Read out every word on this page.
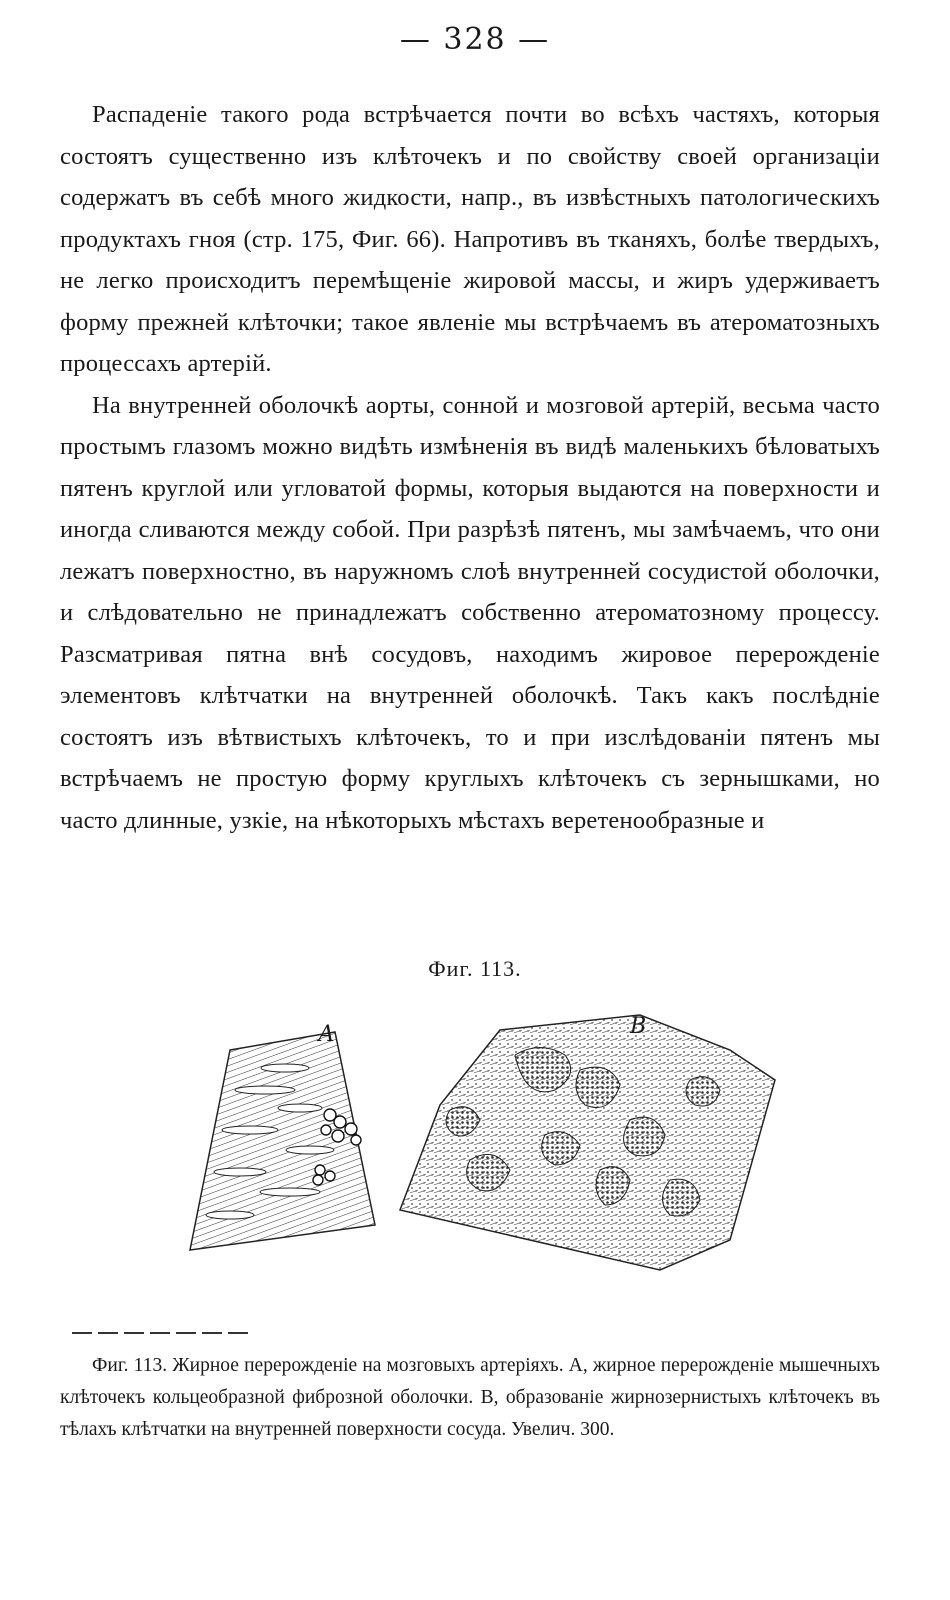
— 328 —

Распаденіе такого рода встрѣчается почти во всѣхъ частяхъ, которыя состоятъ существенно изъ клѣточекъ и по свойству своей организаціи содержатъ въ себѣ много жидкости, напр., въ извѣстныхъ патологическихъ продуктахъ гноя (стр. 175, Фиг. 66). Напротивъ въ тканяхъ, болѣе твердыхъ, не легко происходитъ перемѣщеніе жировой массы, и жиръ удерживаетъ форму прежней клѣточки; такое явленіе мы встрѣчаемъ въ атероматозныхъ процессахъ артерій.

На внутренней оболочкѣ аорты, сонной и мозговой артерій, весьма часто простымъ глазомъ можно видѣть измѣненія въ видѣ маленькихъ бѣловатыхъ пятенъ круглой или угловатой формы, которыя выдаются на поверхности и иногда сливаются между собой. При разрѣзѣ пятенъ, мы замѣчаемъ, что они лежатъ поверхностно, въ наружномъ слоѣ внутренней сосудистой оболочки, и слѣдовательно не принадлежатъ собственно атероматозному процессу. Разсматривая пятна внѣ сосудовъ, находимъ жировое перерожденіе элементовъ клѣтчатки на внутренней оболочкѣ. Такъ какъ послѣдніе состоятъ изъ вѣтвистыхъ клѣточекъ, то и при изслѣдованіи пятенъ мы встрѣчаемъ не простую форму круглыхъ клѣточекъ съ зернышками, но часто длинные, узкіе, на нѣкоторыхъ мѣстахъ веретенообразные и

Фиг. 113.
А	В

Фиг. 113. Жирное перерожденіе на мозговыхъ артеріяхъ. А, жирное перерожденіе мышечныхъ клѣточекъ кольцеобразной фиброзной оболочки. В, образованіе жирнозернистыхъ клѣточекъ въ тѣлахъ клѣтчатки на внутренней поверхности сосуда. Увелич. 300.
